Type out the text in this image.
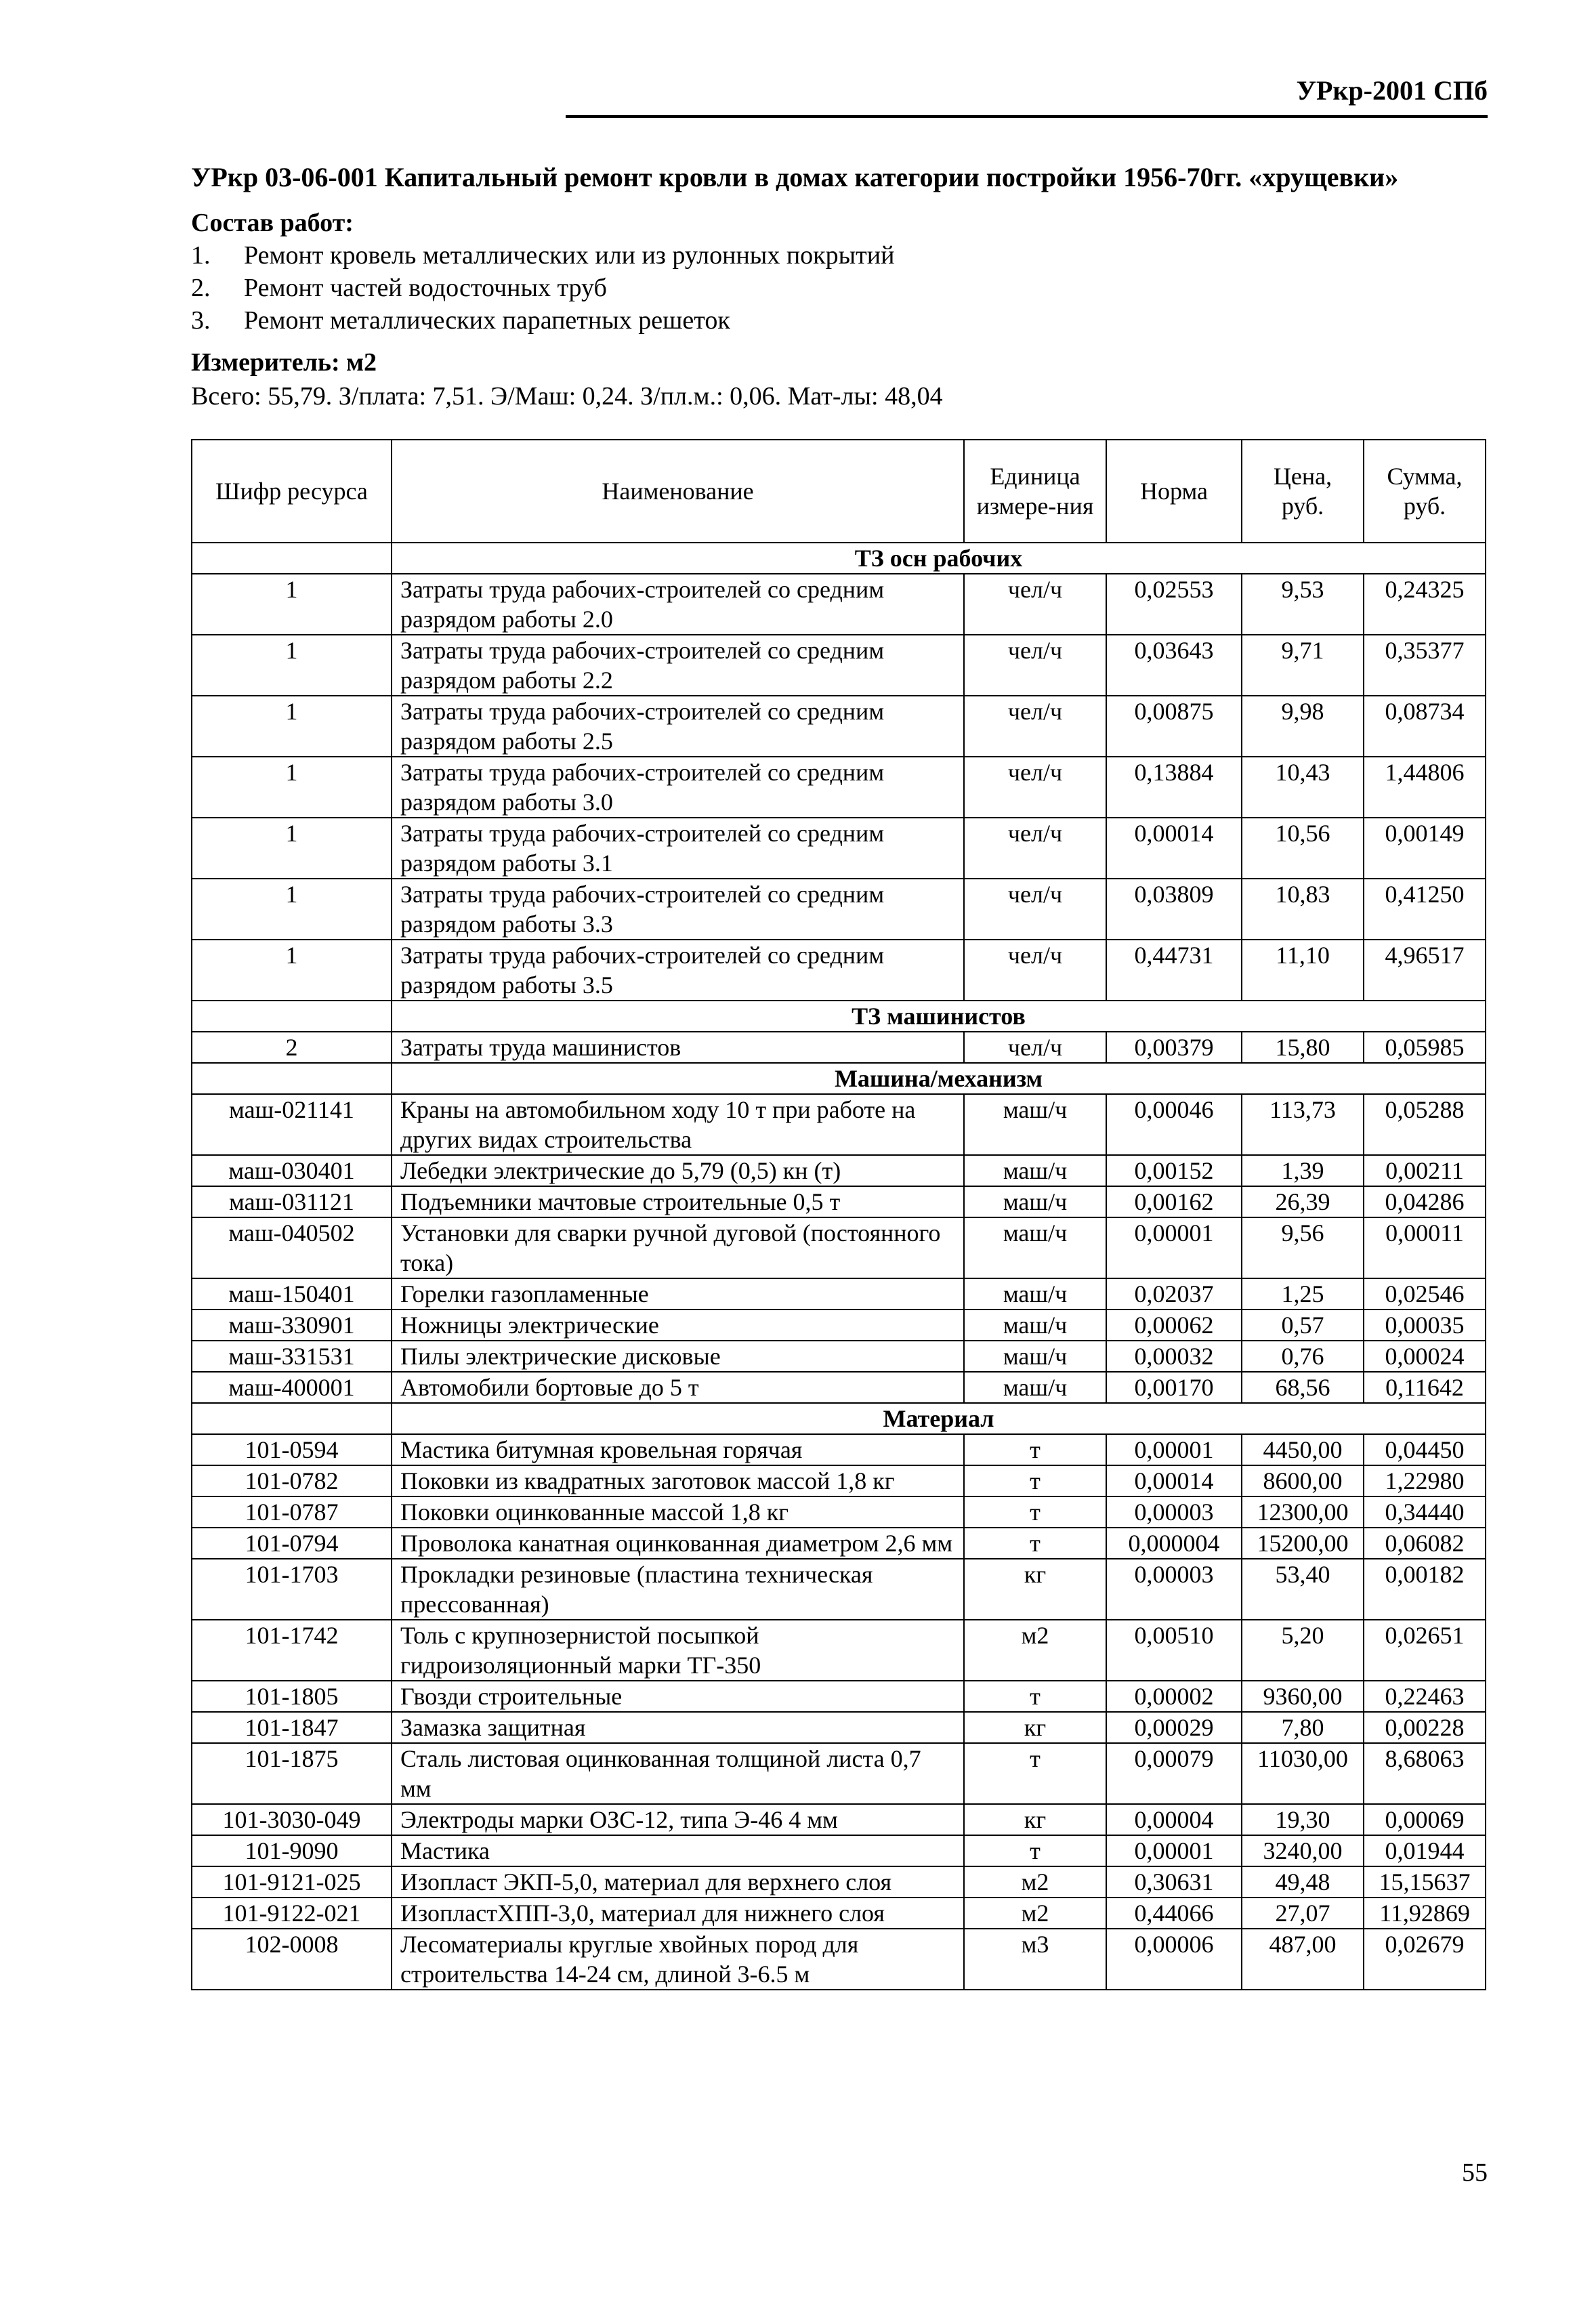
УРкр-2001 СПб
УРкр 03-06-001 Капитальный ремонт кровли в домах категории постройки 1956-70гг. «хрущевки»
Состав работ:
1. Ремонт кровель металлических или из рулонных покрытий
2. Ремонт частей водосточных труб
3. Ремонт металлических парапетных решеток
Измеритель: м2
Всего: 55,79. З/плата: 7,51. Э/Маш: 0,24. З/пл.м.: 0,06. Мат-лы: 48,04
Шифр ресурса	Наименование	Единица измере-ния	Норма	Цена, руб.	Сумма, руб.
	ТЗ осн рабочих				
1	Затраты труда рабочих-строителей со средним разрядом работы 2.0	чел/ч	0,02553	9,53	0,24325
1	Затраты труда рабочих-строителей со средним разрядом работы 2.2	чел/ч	0,03643	9,71	0,35377
1	Затраты труда рабочих-строителей со средним разрядом работы 2.5	чел/ч	0,00875	9,98	0,08734
1	Затраты труда рабочих-строителей со средним разрядом работы 3.0	чел/ч	0,13884	10,43	1,44806
1	Затраты труда рабочих-строителей со средним разрядом работы 3.1	чел/ч	0,00014	10,56	0,00149
1	Затраты труда рабочих-строителей со средним разрядом работы 3.3	чел/ч	0,03809	10,83	0,41250
1	Затраты труда рабочих-строителей со средним разрядом работы 3.5	чел/ч	0,44731	11,10	4,96517
	ТЗ машинистов				
2	Затраты труда машинистов	чел/ч	0,00379	15,80	0,05985
	Машина/механизм				
маш-021141	Краны на автомобильном ходу 10 т при работе на других видах строительства	маш/ч	0,00046	113,73	0,05288
маш-030401	Лебедки электрические до 5,79 (0,5) кн (т)	маш/ч	0,00152	1,39	0,00211
маш-031121	Подъемники мачтовые строительные 0,5 т	маш/ч	0,00162	26,39	0,04286
маш-040502	Установки для сварки ручной дуговой (постоянного тока)	маш/ч	0,00001	9,56	0,00011
маш-150401	Горелки газопламенные	маш/ч	0,02037	1,25	0,02546
маш-330901	Ножницы электрические	маш/ч	0,00062	0,57	0,00035
маш-331531	Пилы электрические дисковые	маш/ч	0,00032	0,76	0,00024
маш-400001	Автомобили бортовые до 5 т	маш/ч	0,00170	68,56	0,11642
	Материал				
101-0594	Мастика битумная кровельная горячая	т	0,00001	4450,00	0,04450
101-0782	Поковки из квадратных заготовок массой 1,8 кг	т	0,00014	8600,00	1,22980
101-0787	Поковки оцинкованные массой 1,8 кг	т	0,00003	12300,00	0,34440
101-0794	Проволока канатная оцинкованная диаметром 2,6 мм	т	0,000004	15200,00	0,06082
101-1703	Прокладки резиновые (пластина техническая прессованная)	кг	0,00003	53,40	0,00182
101-1742	Толь с крупнозернистой посыпкой гидроизоляционный марки ТГ-350	м2	0,00510	5,20	0,02651
101-1805	Гвозди строительные	т	0,00002	9360,00	0,22463
101-1847	Замазка защитная	кг	0,00029	7,80	0,00228
101-1875	Сталь листовая оцинкованная толщиной листа 0,7 мм	т	0,00079	11030,00	8,68063
101-3030-049	Электроды марки ОЗС-12, типа Э-46 4 мм	кг	0,00004	19,30	0,00069
101-9090	Мастика	т	0,00001	3240,00	0,01944
101-9121-025	Изопласт ЭКП-5,0, материал для верхнего слоя	м2	0,30631	49,48	15,15637
101-9122-021	ИзопластХПП-3,0, материал для нижнего слоя	м2	0,44066	27,07	11,92869
102-0008	Лесоматериалы круглые хвойных пород для строительства 14-24 см, длиной 3-6.5 м	м3	0,00006	487,00	0,02679
55
